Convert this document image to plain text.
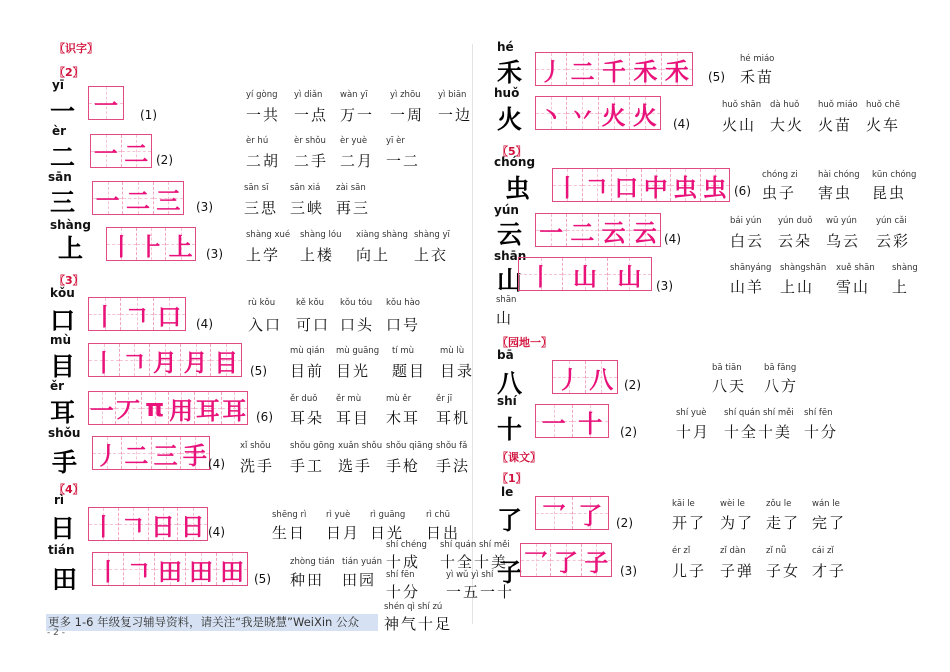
〖识字〗
〖2〗
〖3〗
〖4〗
〖5〗
〖园地一〗
〖课文〗
〖1〗
yī
一 一 (1)
yí gòng
一共
yì diǎn
一点
wàn yī
万一
yì zhōu
一周
yì biān
一边
èr
二 一 二 (2)
èr hú
二胡
èr shǒu
二手
èr yuè
二月
yī èr
一二
sān
三 一 二 三 (3)
sān sī
三思
sān xiá
三峡
zài sān
再三
shàng
上 丨 ⺊ 上 (3)
shàng xué
上学
shàng lóu
上楼
xiàng shàng
向上
shàng yī
上衣
kǒu
口 丨 𠃍 口 (4)
rù kǒu
入口
kě kǒu
可口
kǒu tóu
口头
kǒu hào
口号
mù
目 丨 𠃍 月 月 目 (5)
mù qián
目前
mù guāng
目光
tí mù
题目
mù lù
目录
ěr
耳 一 丆 π 用 耳 耳 (6)
ěr duǒ
耳朵
ěr mù
耳目
mù ěr
木耳
ěr jī
耳机
shǒu
手 丿 二 三 手 (4)
xǐ shǒu
洗手
shǒu gōng
手工
xuǎn shǒu
选手
shǒu qiāng
手枪
shǒu fǎ
手法
rì
日 丨 𠃍 日 日 (4)
shēng rì
生日
rì yuè
日月
rì guāng
日光
rì chū
日出
tián
田 丨 𠃍 田 田 田 (5)
zhòng tián
种田
tián yuán
田园
hé
禾 丿 二 千 禾 禾 (5)
hé miáo
禾苗
huǒ
火 丶 丷 火 火 (4)
huǒ shān
火山
dà huǒ
大火
huǒ miáo
火苗
huǒ chē
火车
chóng
虫 丨 𠃍 口 中 虫 虫 (6)
chóng zi
虫子
hài chóng
害虫
kūn chóng
昆虫
yún
云 一 二 云 云 (4)
bái yún
白云
yún duǒ
云朵
wū yún
乌云
yún cǎi
云彩
shān
山 丨 山 山 (3)
shānyáng
山羊
shàngshān
上山
xuě shān
雪山
shàng
上
bā
八 丿 八 (2)
bā tiān
八天
bā fāng
八方
shí
十 一 十 (2)
shí yuè
十月
shí quán shí měi
十全十美
shí fēn
十分
le
了 乛 了 (2)
kāi le
开了
wèi le
为了
zǒu le
走了
wán le
完了
子 乛 了 子 (3)
ér zǐ
儿子
zǐ dàn
子弹
zǐ nǚ
子女
cái zǐ
才子
shí chéng
十成
shí quán shí měi
十全十美
shí fēn
十分
yì wǔ yì shí
一五一十
shén qì shí zú
神气十足
shān
山
更多 1-6 年级复习辅导资料，请关注“我是晓慧”WeiXin 公众
- 2 -
